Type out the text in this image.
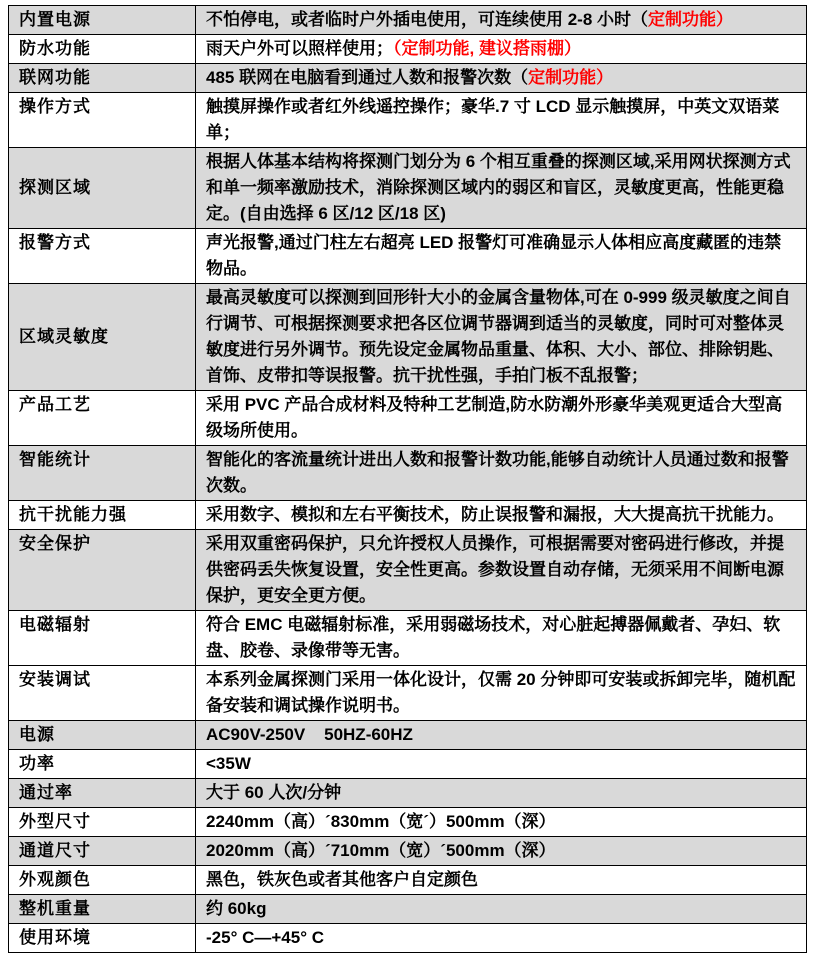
内置电源	不怕停电，或者临时户外插电使用，可连续使用 2-8 小时（定制功能）
防水功能	雨天户外可以照样使用；（定制功能, 建议搭雨棚）
联网功能	485 联网在电脑看到通过人数和报警次数（定制功能）
操作方式	触摸屏操作或者红外线遥控操作；豪华.7 寸 LCD 显示触摸屏，中英文双语菜单；
探测区域	根据人体基本结构将探测门划分为 6 个相互重叠的探测区域,采用网状探测方式和单一频率激励技术，消除探测区域内的弱区和盲区，灵敏度更高，性能更稳定。(自由选择 6 区/12 区/18 区)
报警方式	声光报警,通过门柱左右超亮 LED 报警灯可准确显示人体相应高度藏匿的违禁物品。
区域灵敏度	最高灵敏度可以探测到回形针大小的金属含量物体,可在 0-999 级灵敏度之间自行调节、可根据探测要求把各区位调节器调到适当的灵敏度，同时可对整体灵敏度进行另外调节。预先设定金属物品重量、体积、大小、部位、排除钥匙、首饰、皮带扣等误报警。抗干扰性强，手拍门板不乱报警；
产品工艺	采用 PVC 产品合成材料及特种工艺制造,防水防潮外形豪华美观更适合大型高级场所使用。
智能统计	智能化的客流量统计进出人数和报警计数功能,能够自动统计人员通过数和报警次数。
抗干扰能力强	采用数字、模拟和左右平衡技术，防止误报警和漏报，大大提高抗干扰能力。
安全保护	采用双重密码保护，只允许授权人员操作，可根据需要对密码进行修改，并提供密码丢失恢复设置，安全性更高。参数设置自动存储，无须采用不间断电源保护，更安全更方便。
电磁辐射	符合 EMC 电磁辐射标准，采用弱磁场技术，对心脏起搏器佩戴者、孕妇、软盘、胶卷、录像带等无害。
安装调试	本系列金属探测门采用一体化设计，仅需 20 分钟即可安装或拆卸完毕，随机配备安装和调试操作说明书。
电源	AC90V-250V    50HZ-60HZ
功率	<35W
通过率	大于 60 人次/分钟
外型尺寸	2240mm（高）´830mm（宽´）500mm（深）
通道尺寸	2020mm（高）´710mm（宽）´500mm（深）
外观颜色	黑色，铁灰色或者其他客户自定颜色
整机重量	约 60kg
使用环境	-25° C—+45° C
